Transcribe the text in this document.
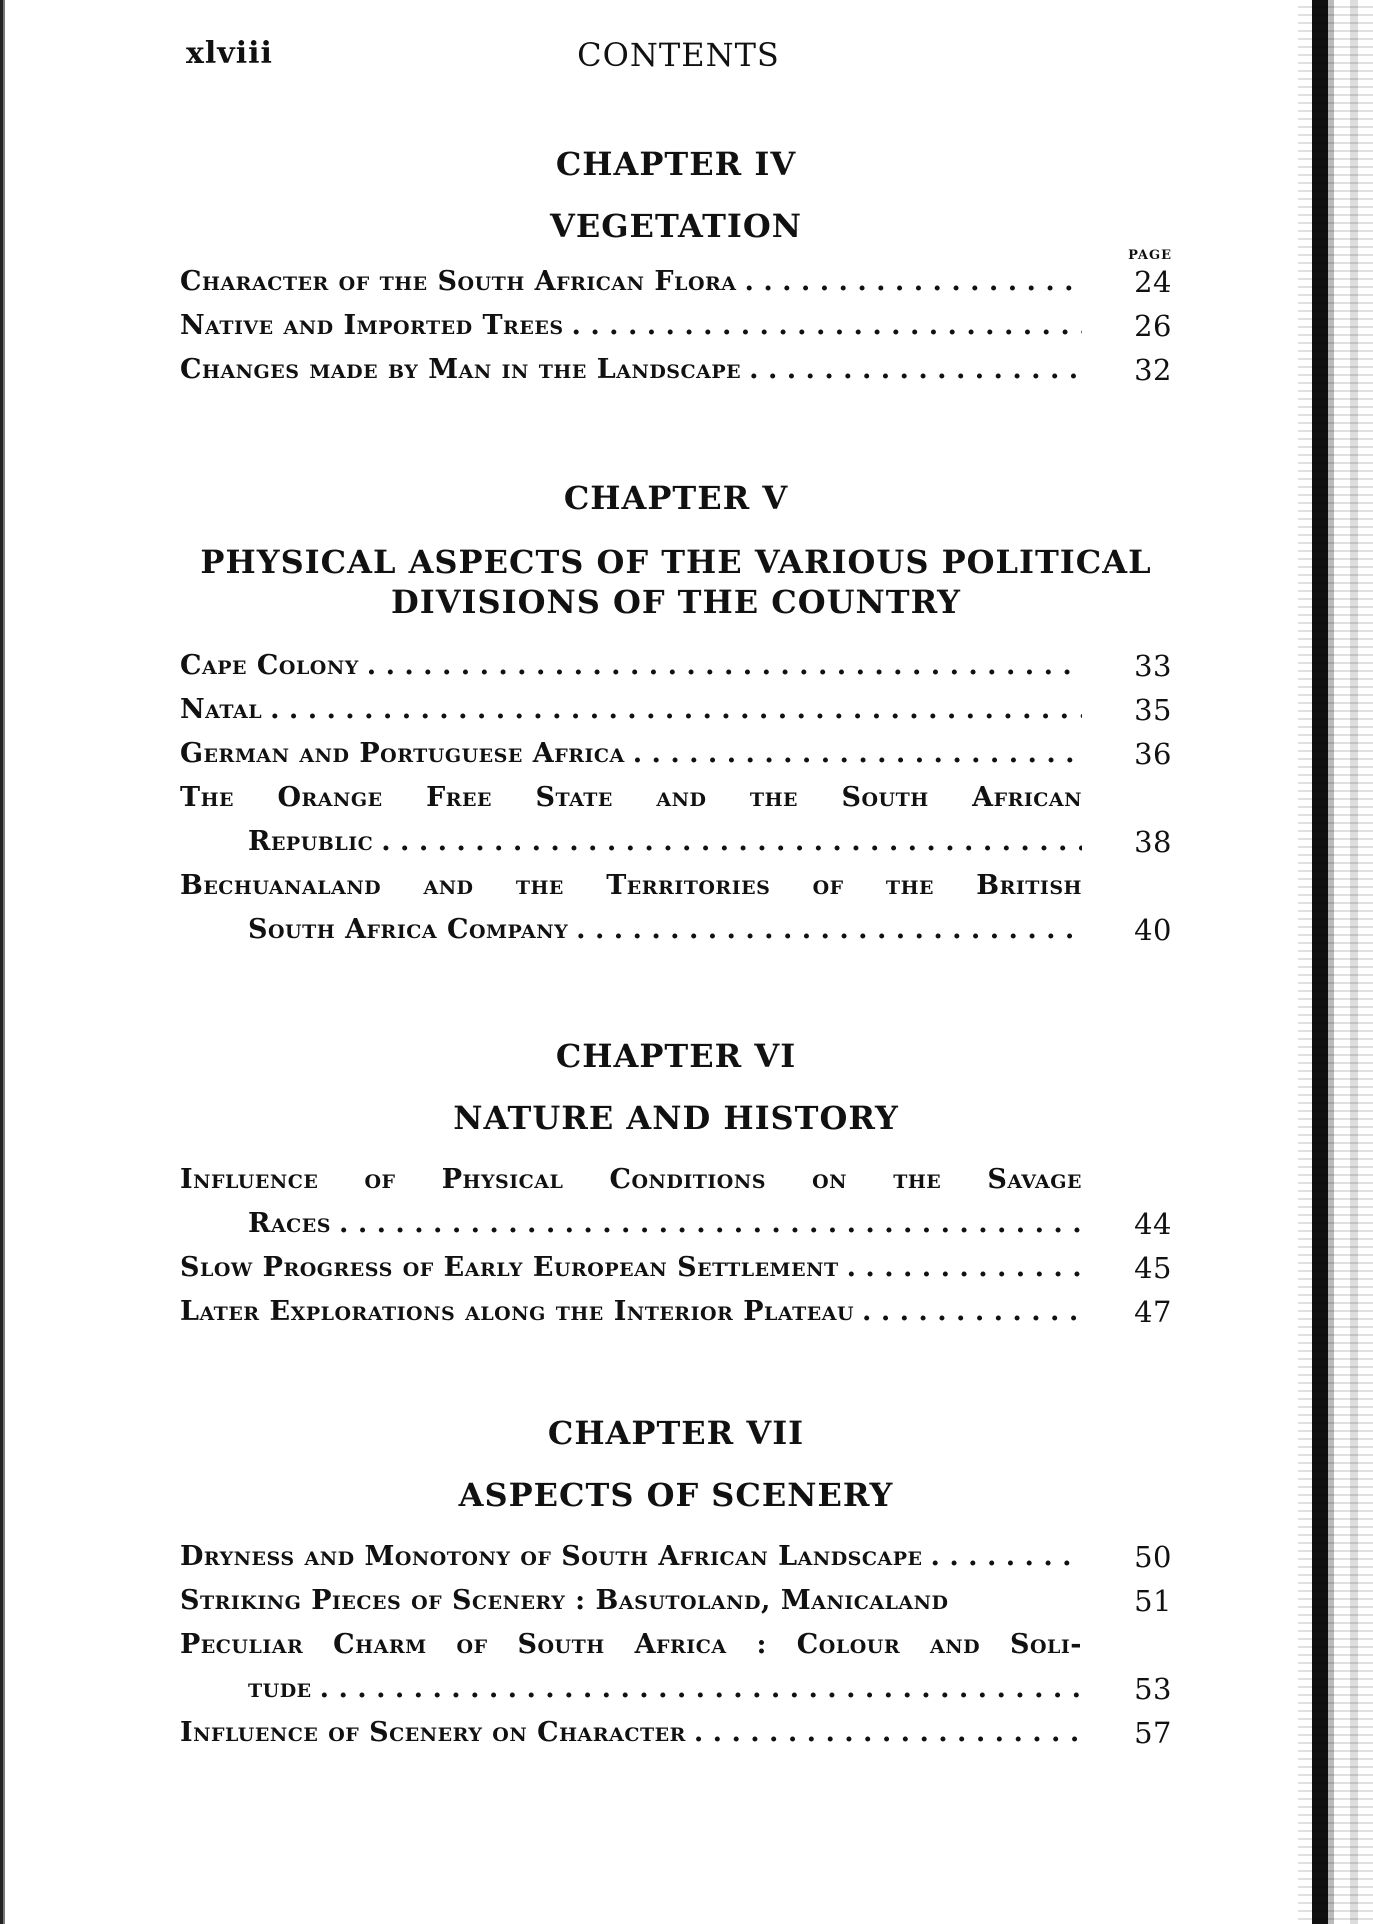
xlviii	CONTENTS
CHAPTER IV
VEGETATION
PAGE
Character of the South African Flora . .	24
Native and Imported Trees . .	26
Changes made by Man in the Landscape . .	32
CHAPTER V
PHYSICAL ASPECTS OF THE VARIOUS POLITICAL
DIVISIONS OF THE COUNTRY
Cape Colony . .	33
Natal . .	35
German and Portuguese Africa . .	36
The Orange Free State and the South African
Republic . .	38
Bechuanaland and the Territories of the British
South Africa Company . .	40
CHAPTER VI
NATURE AND HISTORY
Influence of Physical Conditions on the Savage
Races . .	44
Slow Progress of Early European Settlement . .	45
Later Explorations along the Interior Plateau . .	47
CHAPTER VII
ASPECTS OF SCENERY
Dryness and Monotony of South African Landscape . .	50
Striking Pieces of Scenery : Basutoland, Manicaland	51
Peculiar Charm of South Africa : Colour and Soli-
tude . .	53
Influence of Scenery on Character . .	57
